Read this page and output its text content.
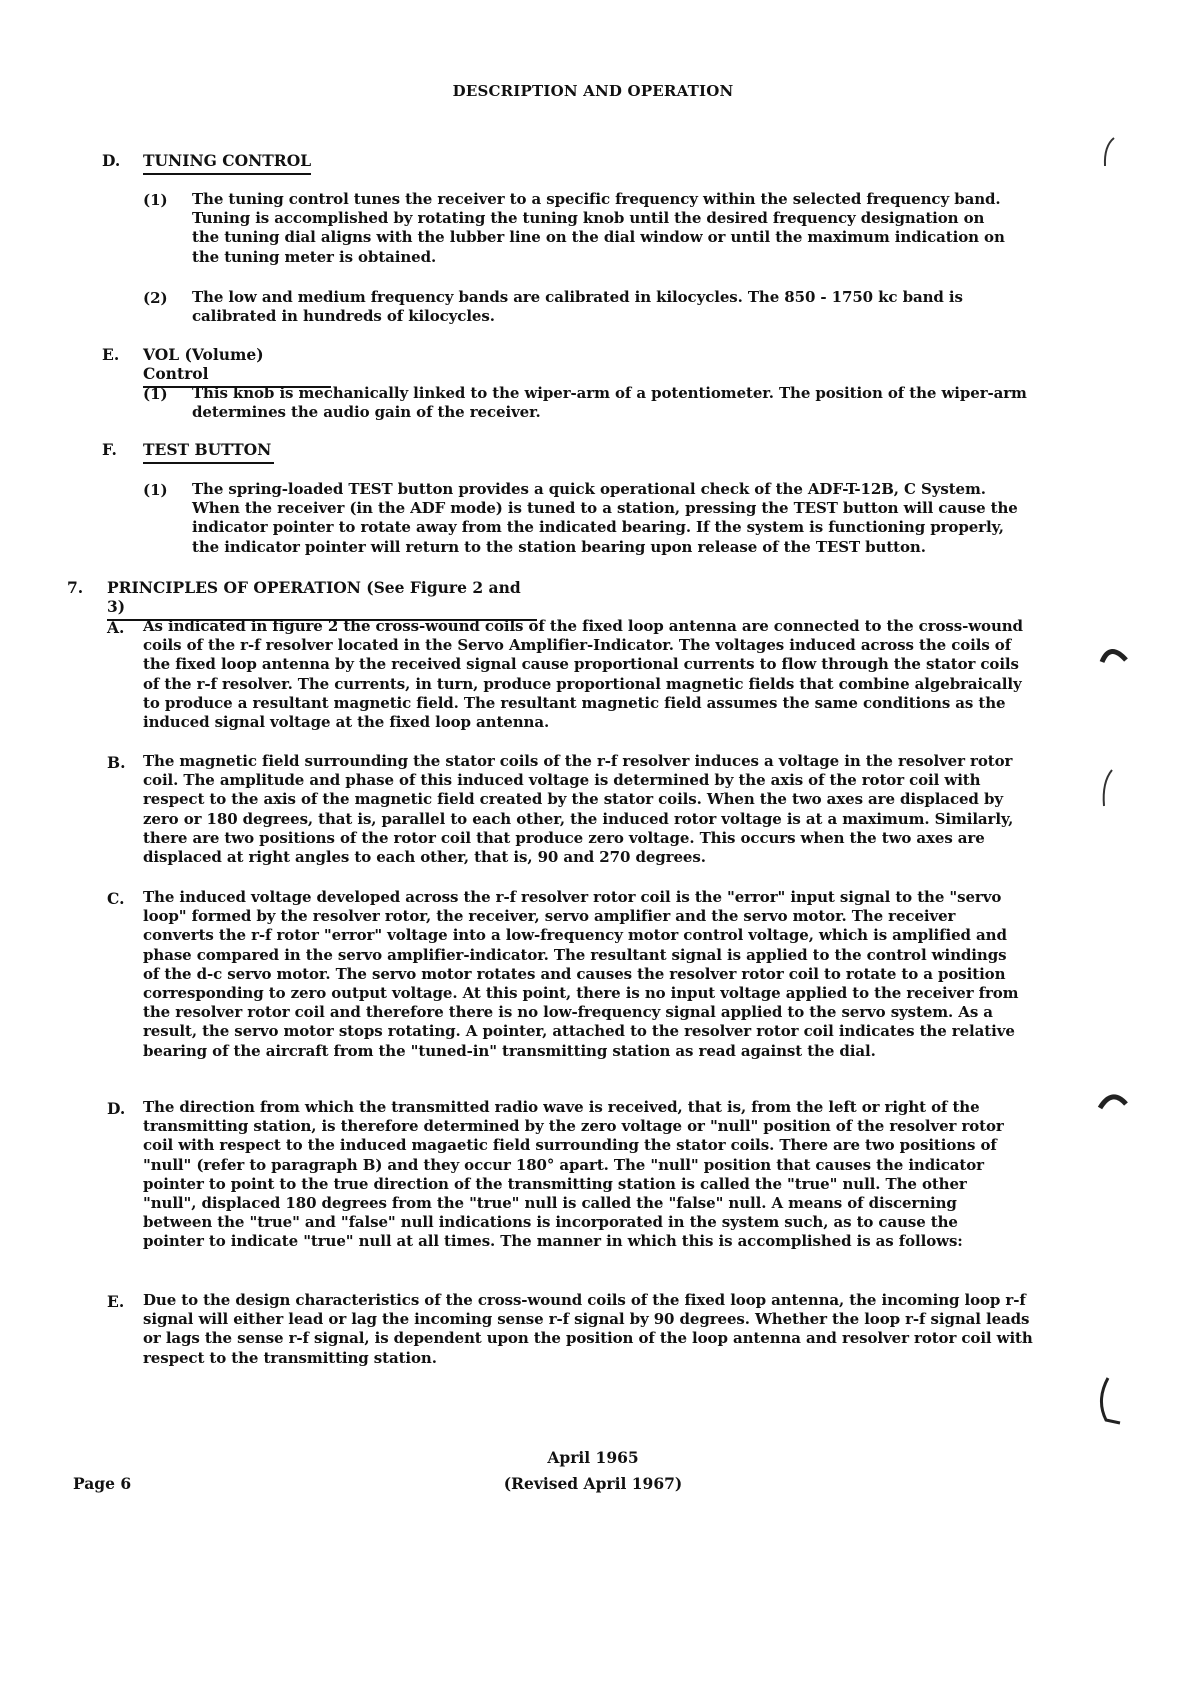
DESCRIPTION AND OPERATION
D. TUNING CONTROL
(1) The tuning control tunes the receiver to a specific frequency within the selected frequency band. Tuning is accomplished by rotating the tuning knob until the desired frequency designation on the tuning dial aligns with the lubber line on the dial window or until the maximum indication on the tuning meter is obtained.
(2) The low and medium frequency bands are calibrated in kilocycles. The 850 - 1750 kc band is calibrated in hundreds of kilocycles.
E. VOL (Volume) Control
(1) This knob is mechanically linked to the wiper-arm of a potentiometer. The position of the wiper-arm determines the audio gain of the receiver.
F. TEST BUTTON
(1) The spring-loaded TEST button provides a quick operational check of the ADF-T-12B, C System. When the receiver (in the ADF mode) is tuned to a station, pressing the TEST button will cause the indicator pointer to rotate away from the indicated bearing. If the system is functioning properly, the indicator pointer will return to the station bearing upon release of the TEST button.
7. PRINCIPLES OF OPERATION (See Figure 2 and 3)
A. As indicated in figure 2 the cross-wound coils of the fixed loop antenna are connected to the cross-wound coils of the r-f resolver located in the Servo Amplifier-Indicator. The voltages induced across the coils of the fixed loop antenna by the received signal cause proportional currents to flow through the stator coils of the r-f resolver. The currents, in turn, produce proportional magnetic fields that combine algebraically to produce a resultant magnetic field. The resultant magnetic field assumes the same conditions as the induced signal voltage at the fixed loop antenna.
B. The magnetic field surrounding the stator coils of the r-f resolver induces a voltage in the resolver rotor coil. The amplitude and phase of this induced voltage is determined by the axis of the rotor coil with respect to the axis of the magnetic field created by the stator coils. When the two axes are displaced by zero or 180 degrees, that is, parallel to each other, the induced rotor voltage is at a maximum. Similarly, there are two positions of the rotor coil that produce zero voltage. This occurs when the two axes are displaced at right angles to each other, that is, 90 and 270 degrees.
C. The induced voltage developed across the r-f resolver rotor coil is the "error" input signal to the "servo loop" formed by the resolver rotor, the receiver, servo amplifier and the servo motor. The receiver converts the r-f rotor "error" voltage into a low-frequency motor control voltage, which is amplified and phase compared in the servo amplifier-indicator. The resultant signal is applied to the control windings of the d-c servo motor. The servo motor rotates and causes the resolver rotor coil to rotate to a position corresponding to zero output voltage. At this point, there is no input voltage applied to the receiver from the resolver rotor coil and therefore there is no low-frequency signal applied to the servo system. As a result, the servo motor stops rotating. A pointer, attached to the resolver rotor coil indicates the relative bearing of the aircraft from the "tuned-in" transmitting station as read against the dial.
D. The direction from which the transmitted radio wave is received, that is, from the left or right of the transmitting station, is therefore determined by the zero voltage or "null" position of the resolver rotor coil with respect to the induced magaetic field surrounding the stator coils. There are two positions of "null" (refer to paragraph B) and they occur 180° apart. The "null" position that causes the indicator pointer to point to the true direction of the transmitting station is called the "true" null. The other "null", displaced 180 degrees from the "true" null is called the "false" null. A means of discerning between the "true" and "false" null indications is incorporated in the system such, as to cause the pointer to indicate "true" null at all times. The manner in which this is accomplished is as follows:
E. Due to the design characteristics of the cross-wound coils of the fixed loop antenna, the incoming loop r-f signal will either lead or lag the incoming sense r-f signal by 90 degrees. Whether the loop r-f signal leads or lags the sense r-f signal, is dependent upon the position of the loop antenna and resolver rotor coil with respect to the transmitting station.
April 1965
(Revised April 1967)
Page 6
